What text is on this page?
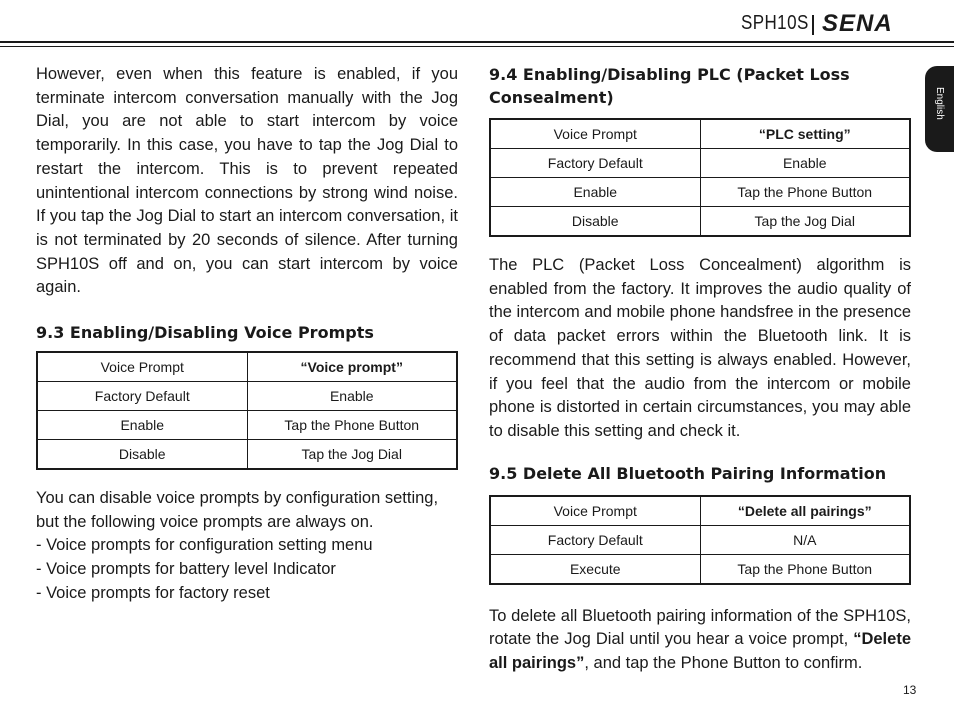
SPH10S SENA
English

However, even when this feature is enabled, if you terminate intercom conversation manually with the Jog Dial, you are not able to start intercom by voice temporarily. In this case, you have to tap the Jog Dial to restart the intercom. This is to prevent repeated unintentional intercom connections by strong wind noise. If you tap the Jog Dial to start an intercom conversation, it is not terminated by 20 seconds of silence. After turning SPH10S off and on, you can start intercom by voice again.

9.3 Enabling/Disabling Voice Prompts
Voice Prompt	“Voice prompt”
Factory Default	Enable
Enable	Tap the Phone Button
Disable	Tap the Jog Dial

You can disable voice prompts by configuration setting, but the following voice prompts are always on.

- Voice prompts for configuration setting menu
- Voice prompts for battery level Indicator
- Voice prompts for factory reset
9.4 Enabling/Disabling PLC (Packet Loss Consealment)
Voice Prompt	“PLC setting”
Factory Default	Enable
Enable	Tap the Phone Button
Disable	Tap the Jog Dial

The PLC (Packet Loss Concealment) algorithm is enabled from the factory. It improves the audio quality of the intercom and mobile phone handsfree in the presence of data packet errors within the Bluetooth link. It is recommend that this setting is always enabled. However, if you feel that the audio from the intercom or mobile phone is distorted in certain circumstances, you may able to disable this setting and check it.

9.5 Delete All Bluetooth Pairing Information
Voice Prompt	“Delete all pairings”
Factory Default	N/A
Execute	Tap the Phone Button

To delete all Bluetooth pairing information of the SPH10S, rotate the Jog Dial until you hear a voice prompt, “Delete all pairings”, and tap the Phone Button to confirm.

13
